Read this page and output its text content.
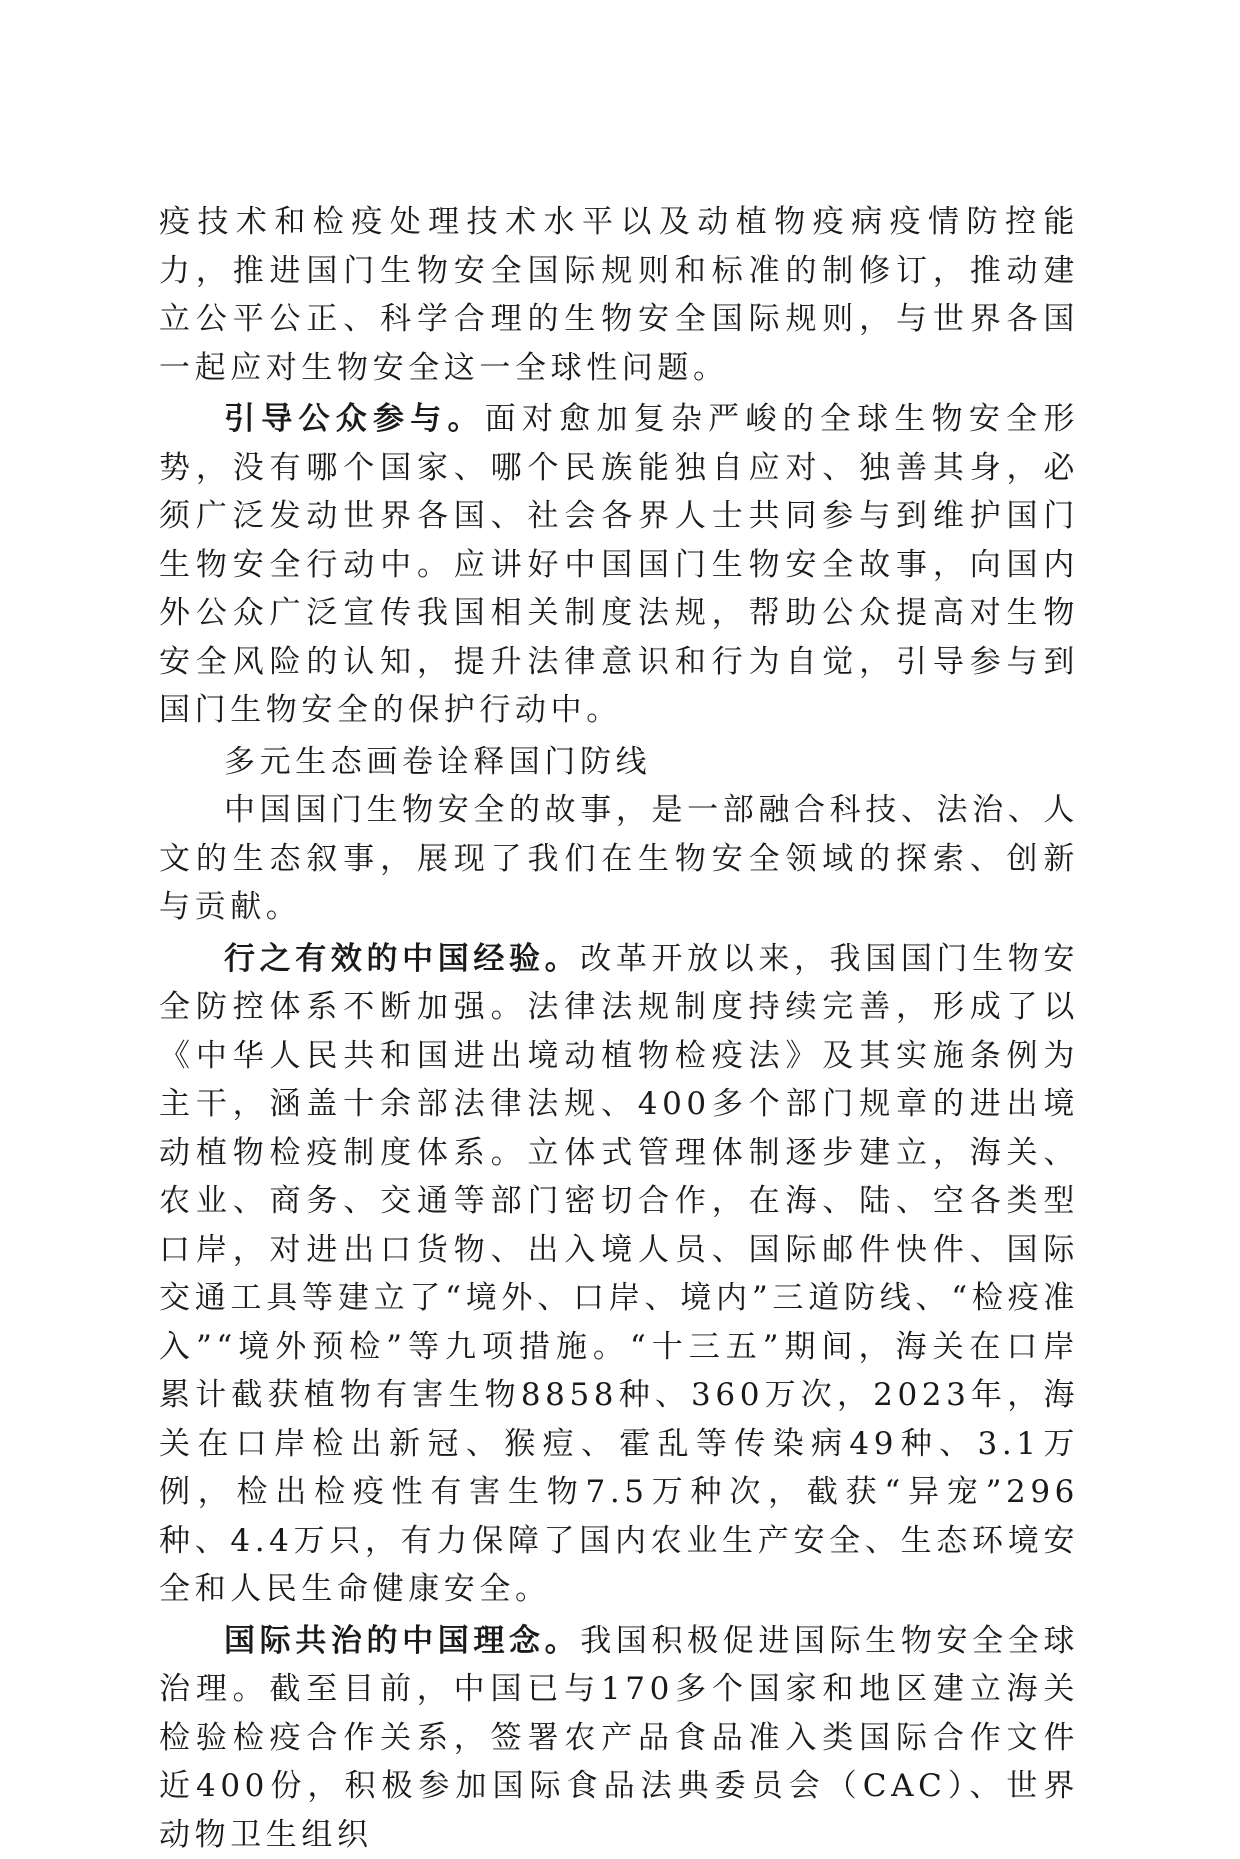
疫技术和检疫处理技术水平以及动植物疫病疫情防控能力，推进国门生物安全国际规则和标准的制修订，推动建立公平公正、科学合理的生物安全国际规则，与世界各国一起应对生物安全这一全球性问题。

引导公众参与。面对愈加复杂严峻的全球生物安全形势，没有哪个国家、哪个民族能独自应对、独善其身，必须广泛发动世界各国、社会各界人士共同参与到维护国门生物安全行动中。应讲好中国国门生物安全故事，向国内外公众广泛宣传我国相关制度法规，帮助公众提高对生物安全风险的认知，提升法律意识和行为自觉，引导参与到国门生物安全的保护行动中。

多元生态画卷诠释国门防线

中国国门生物安全的故事，是一部融合科技、法治、人文的生态叙事，展现了我们在生物安全领域的探索、创新与贡献。

行之有效的中国经验。改革开放以来，我国国门生物安全防控体系不断加强。法律法规制度持续完善，形成了以《中华人民共和国进出境动植物检疫法》及其实施条例为主干，涵盖十余部法律法规、400多个部门规章的进出境动植物检疫制度体系。立体式管理体制逐步建立，海关、农业、商务、交通等部门密切合作，在海、陆、空各类型口岸，对进出口货物、出入境人员、国际邮件快件、国际交通工具等建立了“境外、口岸、境内”三道防线、“检疫准入”“境外预检”等九项措施。“十三五”期间，海关在口岸累计截获植物有害生物8858种、360万次，2023年，海关在口岸检出新冠、猴痘、霍乱等传染病49种、3.1万例，检出检疫性有害生物7.5万种次，截获“异宠”296种、4.4万只，有力保障了国内农业生产安全、生态环境安全和人民生命健康安全。

国际共治的中国理念。我国积极促进国际生物安全全球治理。截至目前，中国已与170多个国家和地区建立海关检验检疫合作关系，签署农产品食品准入类国际合作文件近400份，积极参加国际食品法典委员会（CAC）、世界动物卫生组织
